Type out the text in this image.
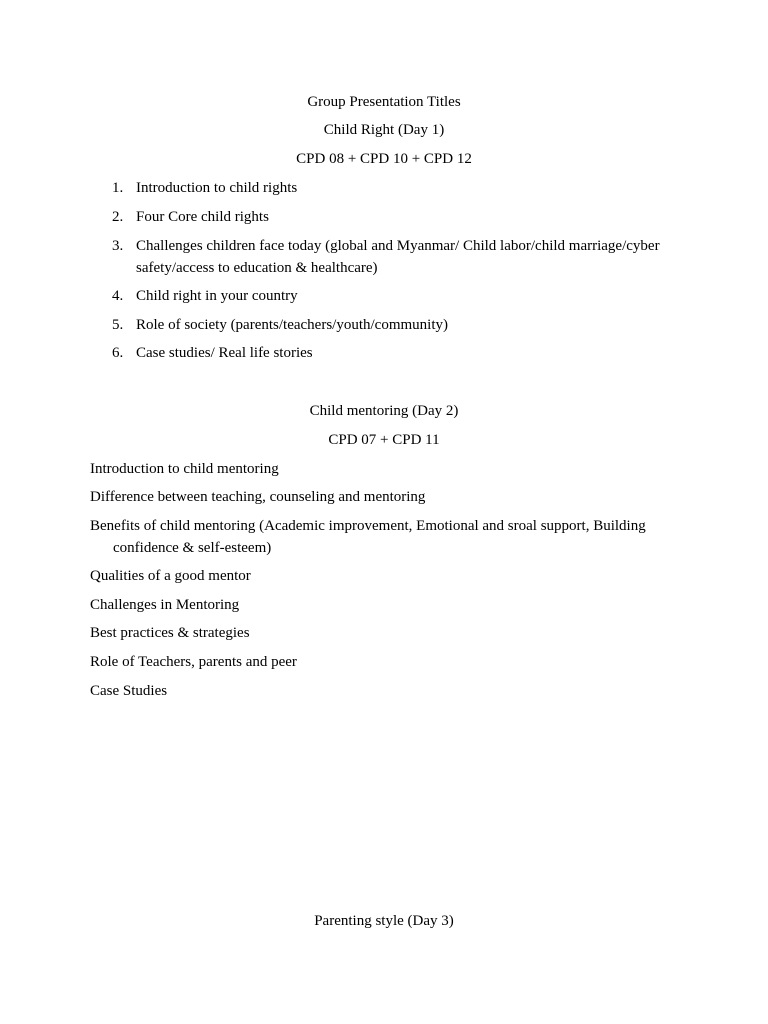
Group Presentation Titles
Child Right (Day 1)
CPD 08 + CPD 10 + CPD 12
1. Introduction to child rights
2. Four Core child rights
3. Challenges children face today (global and Myanmar/ Child labor/child marriage/cyber safety/access to education & healthcare)
4. Child right in your country
5. Role of society (parents/teachers/youth/community)
6. Case studies/ Real life stories
Child mentoring (Day 2)
CPD 07 + CPD 11
Introduction to child mentoring
Difference between teaching, counseling and mentoring
Benefits of child mentoring (Academic improvement, Emotional and sroal support, Building confidence & self-esteem)
Qualities of a good mentor
Challenges in Mentoring
Best practices & strategies
Role of Teachers, parents and peer
Case Studies
Parenting style (Day 3)
